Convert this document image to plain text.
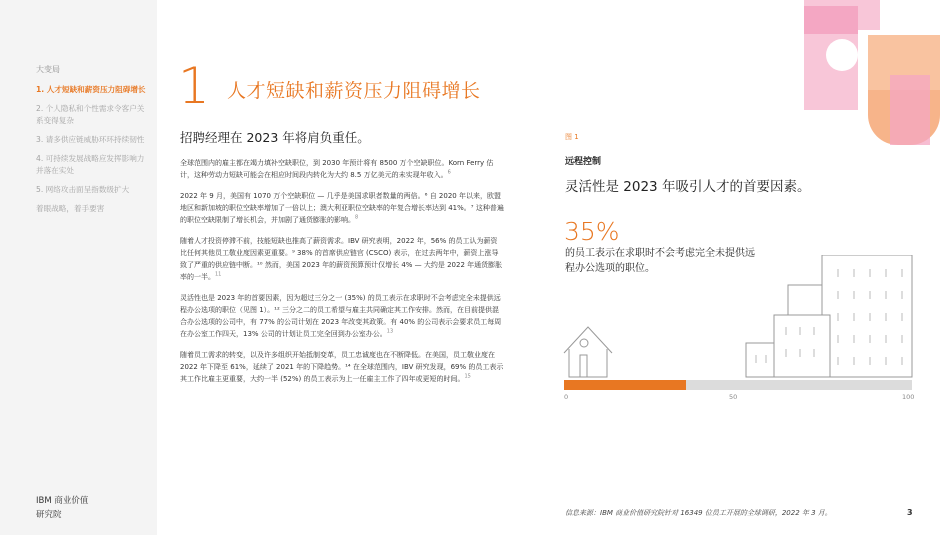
大变局
1. 人才短缺和薪资压力阻碍增长
2. 个人隐私和个性需求令客户关系变得复杂
3. 请多供应链威胁环环持续韧性
4. 可持续发展战略应发挥影响力并落在实处
5. 网络攻击面呈指数级扩大
着眼战略，着手要害
IBM 商业价值
研究院
1 人才短缺和薪资压力阻碍增长
招聘经理在 2023 年将肩负重任。

全球范围内的雇主都在竭力填补空缺职位，到 2030 年预计将有 8500 万个空缺职位。Korn Ferry 估计，这种劳动力短缺可能会在相应时间段内转化为大约 8.5 万亿美元的未实现年收入。$^6$

2022 年 9 月，美国有 1070 万个空缺职位 — 几乎是美国求职者数量的两倍。⁶ 自 2020 年以来，欧盟地区和新加坡的职位空缺率增加了一倍以上；澳大利亚职位空缺率的年复合增长率达到 41%。⁷ 这种普遍的职位空缺限制了增长机会，并加剧了通货膨胀的影响。$^8$

随着人才投资停滞不前，技能短缺也推高了薪资需求。IBV 研究表明，2022 年，56% 的员工认为薪资比任何其他员工敬业度因素更重要。⁹ 38% 的首席供应链官 (CSCO) 表示，在过去两年中，薪资上涨导致了严重的供应链中断。¹⁰ 然而，美国 2023 年的薪资预算预计仅增长 4% — 大约是 2022 年通货膨胀率的一半。$^{11}$

灵活性也是 2023 年的首要因素，因为超过三分之一 (35%) 的员工表示在求职时不会考虑完全未提供远程办公选项的职位（见图 1）。¹² 三分之二的员工希望与雇主共同确定其工作安排。然而，在目前提供混合办公选项的公司中，有 77% 的公司计划在 2023 年改变其政策。有 40% 的公司表示会要求员工每周在办公室工作四天，13% 公司的计划让员工完全回到办公室办公。$^{13}$

随着员工需求的转变，以及许多组织开始抵制变革，员工忠诚度也在不断降低。在美国，员工敬业度在 2022 年下降至 61%，延续了 2021 年的下降趋势。¹⁴ 在全球范围内，IBV 研究发现，69% 的员工表示其工作比雇主更重要，大约一半 (52%) 的员工表示为上一任雇主工作了四年或更短的时间。$^{15}$

图 1
远程控制
灵活性是 2023 年吸引人才的首要因素。
35%
的员工表示在求职时不会考虑完全未提供远程办公选项的职位。
0	50	100
信息来源：IBM 商业价值研究院针对 16349 位员工开展的全球调研，2022 年 3 月。	3
